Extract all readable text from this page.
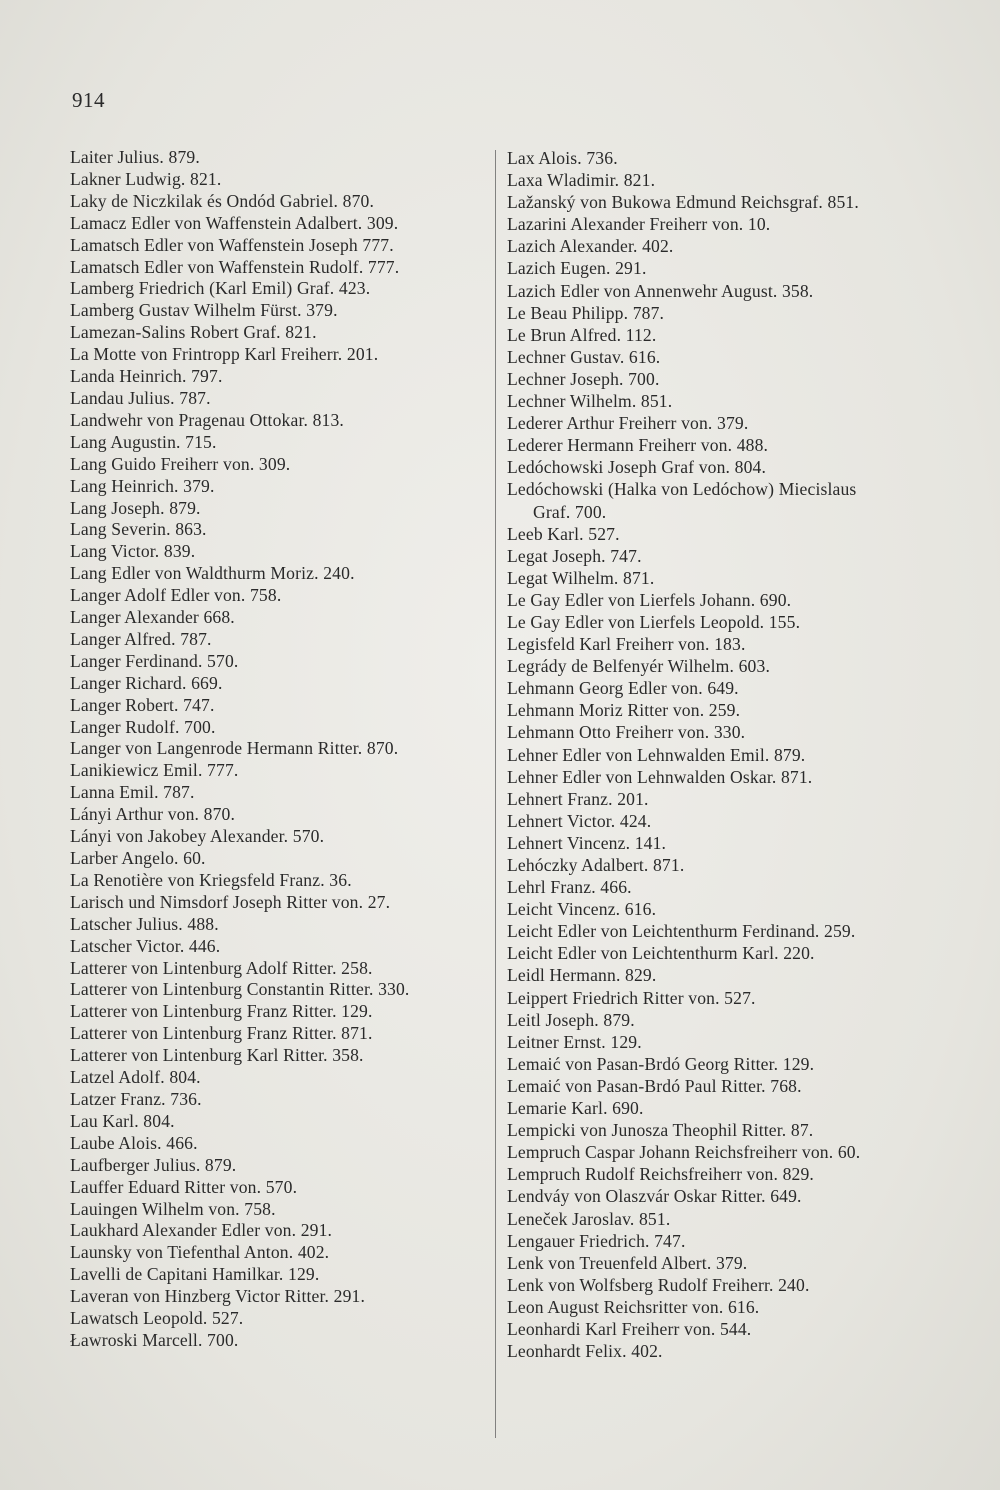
914
Laiter Julius. 879.
Lakner Ludwig. 821.
Laky de Niczkilak és Ondód Gabriel. 870.
Lamacz Edler von Waffenstein Adalbert. 309.
Lamatsch Edler von Waffenstein Joseph 777.
Lamatsch Edler von Waffenstein Rudolf. 777.
Lamberg Friedrich (Karl Emil) Graf. 423.
Lamberg Gustav Wilhelm Fürst. 379.
Lamezan-Salins Robert Graf. 821.
La Motte von Frintropp Karl Freiherr. 201.
Landa Heinrich. 797.
Landau Julius. 787.
Landwehr von Pragenau Ottokar. 813.
Lang Augustin. 715.
Lang Guido Freiherr von. 309.
Lang Heinrich. 379.
Lang Joseph. 879.
Lang Severin. 863.
Lang Victor. 839.
Lang Edler von Waldthurm Moriz. 240.
Langer Adolf Edler von. 758.
Langer Alexander 668.
Langer Alfred. 787.
Langer Ferdinand. 570.
Langer Richard. 669.
Langer Robert. 747.
Langer Rudolf. 700.
Langer von Langenrode Hermann Ritter. 870.
Lanikiewicz Emil. 777.
Lanna Emil. 787.
Lányi Arthur von. 870.
Lányi von Jakobey Alexander. 570.
Larber Angelo. 60.
La Renotière von Kriegsfeld Franz. 36.
Larisch und Nimsdorf Joseph Ritter von. 27.
Latscher Julius. 488.
Latscher Victor. 446.
Latterer von Lintenburg Adolf Ritter. 258.
Latterer von Lintenburg Constantin Ritter. 330.
Latterer von Lintenburg Franz Ritter. 129.
Latterer von Lintenburg Franz Ritter. 871.
Latterer von Lintenburg Karl Ritter. 358.
Latzel Adolf. 804.
Latzer Franz. 736.
Lau Karl. 804.
Laube Alois. 466.
Laufberger Julius. 879.
Lauffer Eduard Ritter von. 570.
Lauingen Wilhelm von. 758.
Laukhard Alexander Edler von. 291.
Launsky von Tiefenthal Anton. 402.
Lavelli de Capitani Hamilkar. 129.
Laveran von Hinzberg Victor Ritter. 291.
Lawatsch Leopold. 527.
Ławroski Marcell. 700.
Lax Alois. 736.
Laxa Wladimir. 821.
Lažanský von Bukowa Edmund Reichsgraf. 851.
Lazarini Alexander Freiherr von. 10.
Lazich Alexander. 402.
Lazich Eugen. 291.
Lazich Edler von Annenwehr August. 358.
Le Beau Philipp. 787.
Le Brun Alfred. 112.
Lechner Gustav. 616.
Lechner Joseph. 700.
Lechner Wilhelm. 851.
Lederer Arthur Freiherr von. 379.
Lederer Hermann Freiherr von. 488.
Ledóchowski Joseph Graf von. 804.
Ledóchowski (Halka von Ledóchow) Miecislaus
Graf. 700.
Leeb Karl. 527.
Legat Joseph. 747.
Legat Wilhelm. 871.
Le Gay Edler von Lierfels Johann. 690.
Le Gay Edler von Lierfels Leopold. 155.
Legisfeld Karl Freiherr von. 183.
Legrády de Belfenyér Wilhelm. 603.
Lehmann Georg Edler von. 649.
Lehmann Moriz Ritter von. 259.
Lehmann Otto Freiherr von. 330.
Lehner Edler von Lehnwalden Emil. 879.
Lehner Edler von Lehnwalden Oskar. 871.
Lehnert Franz. 201.
Lehnert Victor. 424.
Lehnert Vincenz. 141.
Lehóczky Adalbert. 871.
Lehrl Franz. 466.
Leicht Vincenz. 616.
Leicht Edler von Leichtenthurm Ferdinand. 259.
Leicht Edler von Leichtenthurm Karl. 220.
Leidl Hermann. 829.
Leippert Friedrich Ritter von. 527.
Leitl Joseph. 879.
Leitner Ernst. 129.
Lemaić von Pasan-Brdó Georg Ritter. 129.
Lemaić von Pasan-Brdó Paul Ritter. 768.
Lemarie Karl. 690.
Lempicki von Junosza Theophil Ritter. 87.
Lempruch Caspar Johann Reichsfreiherr von. 60.
Lempruch Rudolf Reichsfreiherr von. 829.
Lendváy von Olaszvár Oskar Ritter. 649.
Leneček Jaroslav. 851.
Lengauer Friedrich. 747.
Lenk von Treuenfeld Albert. 379.
Lenk von Wolfsberg Rudolf Freiherr. 240.
Leon August Reichsritter von. 616.
Leonhardi Karl Freiherr von. 544.
Leonhardt Felix. 402.
